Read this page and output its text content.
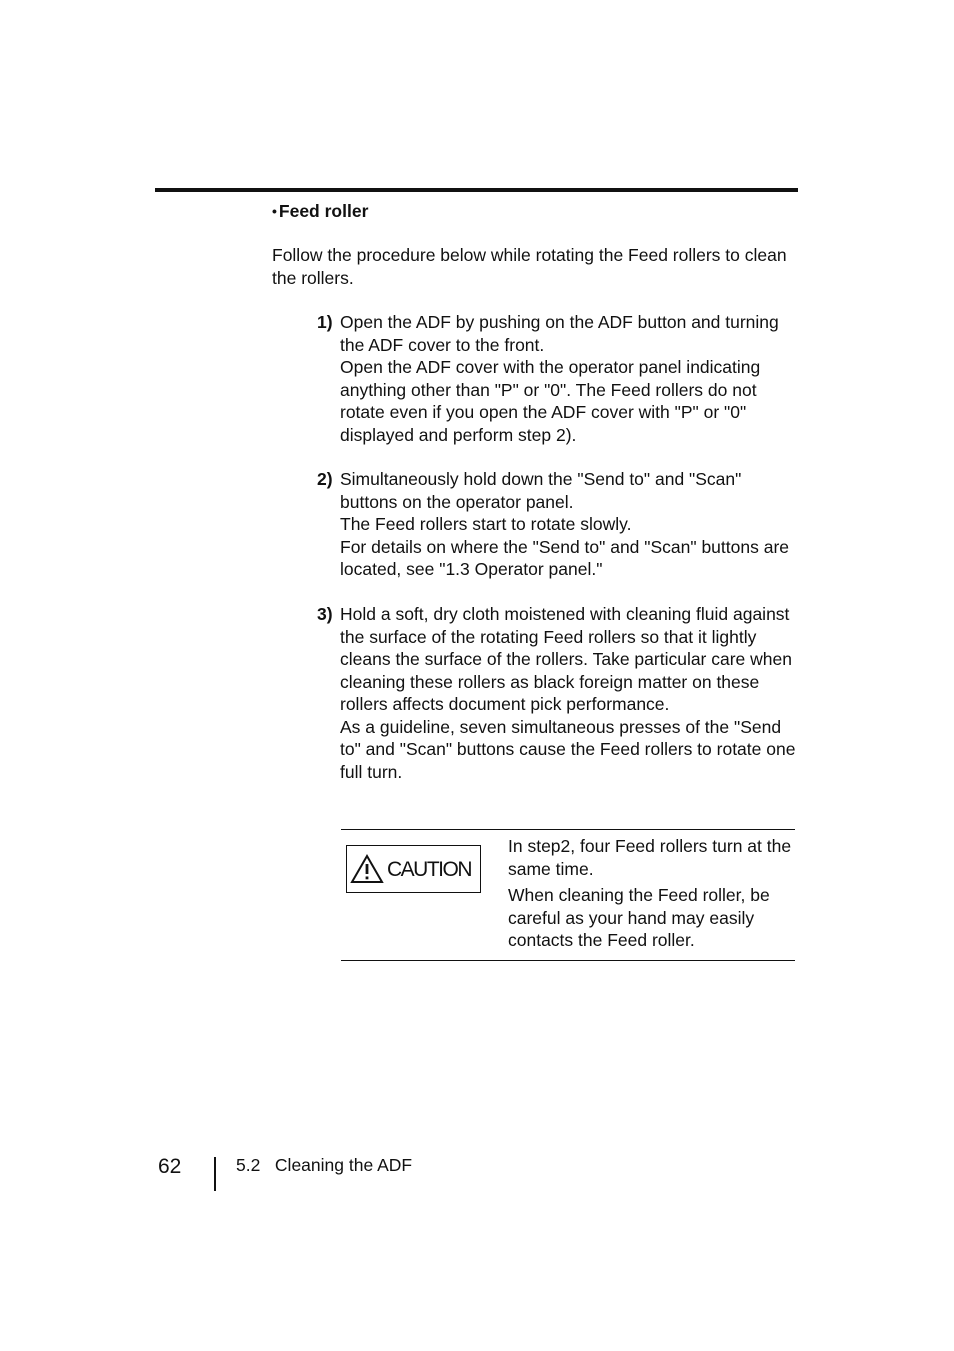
• Feed roller

Follow the procedure below while rotating the Feed rollers to clean the rollers.

1) Open the ADF by pushing on the ADF button and turning the ADF cover to the front.

Open the ADF cover with the operator panel indicating anything other than "P" or "0". The Feed rollers do not rotate even if you open the ADF cover with "P" or "0" displayed and perform step 2).

2) Simultaneously hold down the "Send to" and "Scan" buttons on the operator panel.

The Feed rollers start to rotate slowly.

For details on where the "Send to" and "Scan" buttons are located, see "1.3 Operator panel."

3) Hold a soft, dry cloth moistened with cleaning fluid against the surface of the rotating Feed rollers so that it lightly cleans the surface of the rollers. Take particular care when cleaning these rollers as black foreign matter on these rollers affects document pick performance.

As a guideline, seven simultaneous presses of the "Send to" and "Scan" buttons cause the Feed rollers to rotate one full turn.

CAUTION

In step2, four Feed rollers turn at the same time.

When cleaning the Feed roller, be careful as your hand may easily contacts the Feed roller.

62	5.2 Cleaning the ADF
